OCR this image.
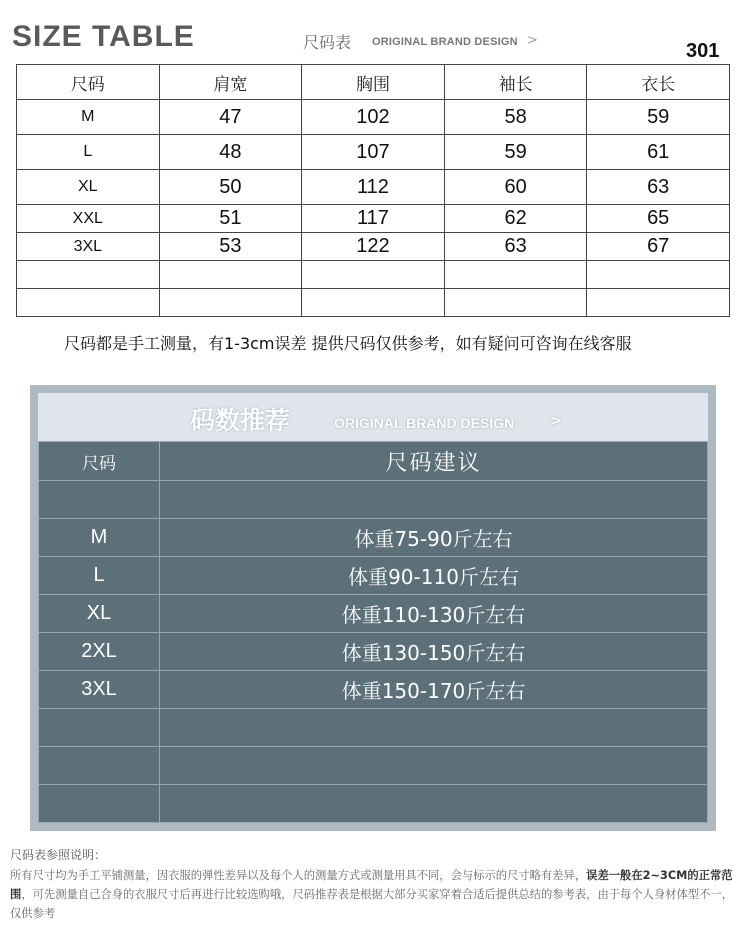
SIZE TABLE	尺码表 ORIGINAL BRAND DESIGN >	301
尺码	肩宽	胸围	袖长	衣长
M	47	102	58	59
L	48	107	59	61
XL	50	112	60	63
XXL	51	117	62	65
3XL	53	122	63	67

尺码都是手工测量，有1-3cm误差 提供尺码仅供参考，如有疑问可咨询在线客服
码数推荐	ORIGINAL BRAND DESIGN	>
尺码	尺码建议

M	体重75-90斤左右
L	体重90-110斤左右
XL	体重110-130斤左右
2XL	体重130-150斤左右
3XL	体重150-170斤左右

尺码表参照说明：
所有尺寸均为手工平铺测量，因衣服的弹性差异以及每个人的测量方式或测量用具不同，会与标示的尺寸略有差异，误差一般在2~3CM的正常范围，可先测量自己合身的衣服尺寸后再进行比较选购哦，尺码推荐表是根据大部分买家穿着合适后提供总结的参考表，由于每个人身材体型不一，仅供参考
